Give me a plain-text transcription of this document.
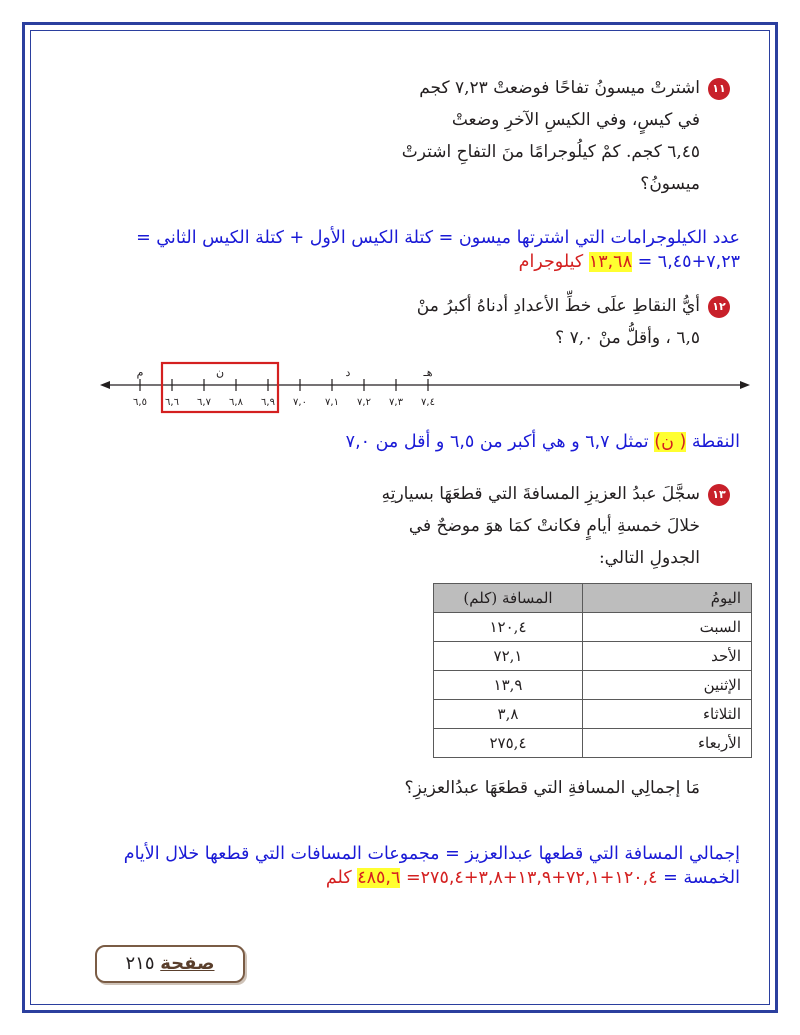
١١اشترتْ ميسونُ تفاحًا فوضعتْ ٧,٢٣ كجم
في كيسٍ، وفي الكيسِ الآخرِ وضعتْ
٦,٤٥ كجم. كمْ كيلُوجرامًا منَ التفاحِ اشترتْ
ميسونُ؟
عدد الكيلوجرامات التي اشترتها ميسون = كتلة الكيس الأول + كتلة الكيس الثاني =
٧,٢٣+٦,٤٥ = ١٣,٦٨ كيلوجرام
١٢أيُّ النقاطِ علَى خطِّ الأعدادِ أدناهُ أكبرُ منْ
٦,٥ ، وأقلُّ منْ ٧,٠ ؟
٦,٥ ٦,٦ ٦,٧ ٦,٨ ٦,٩ ٧,٠ ٧,١ ٧,٢ ٧,٣ ٧,٤
م	ن	د	هـ
النقطة ( ن) تمثل ٦,٧ و هي أكبر من ٦,٥ و أقل من ٧,٠
١٣سجَّلَ عبدُ العزيزِ المسافةَ التي قطعَهَا بسيارتِهِ
خلالَ خمسةِ أيامٍ فكانتْ كمَا هوَ موضحٌ في
الجدولِ التالي:
اليومُ	المسافة (كلم)
السبت	١٢٠,٤
الأحد	٧٢,١
الإثنين	١٣,٩
الثلاثاء	٣,٨
الأربعاء	٢٧٥,٤
مَا إجمالِي المسافةِ التي قطعَهَا عبدُالعزيزِ؟
إجمالي المسافة التي قطعها عبدالعزيز = مجموعات المسافات التي قطعها خلال الأيام
الخمسة = ١٢٠,٤+٧٢,١+١٣,٩+٣,٨+٢٧٥,٤= ٤٨٥,٦ كلم
صفحة ٢١٥
